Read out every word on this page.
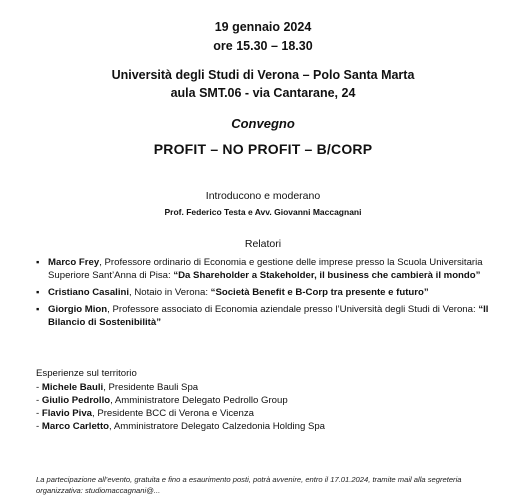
19 gennaio 2024
ore 15.30 – 18.30
Università degli Studi di Verona – Polo Santa Marta
aula SMT.06 - via Cantarane, 24
Convegno
PROFIT – NO PROFIT – B/CORP
Introducono e moderano
Prof. Federico Testa e Avv. Giovanni Maccagnani
Relatori
▪ Marco Frey, Professore ordinario di Economia e gestione delle imprese presso la Scuola Universitaria Superiore Sant’Anna di Pisa: “Da Shareholder a Stakeholder, il business che cambierà il mondo”
▪ Cristiano Casalini, Notaio in Verona: “Società Benefit e B-Corp tra presente e futuro”
▪ Giorgio Mion, Professore associato di Economia aziendale presso l’Università degli Studi di Verona: “Il Bilancio di Sostenibilità”
Esperienze sul territorio
- Michele Bauli, Presidente Bauli Spa
- Giulio Pedrollo, Amministratore Delegato Pedrollo Group
- Flavio Piva, Presidente BCC di Verona e Vicenza
- Marco Carletto, Amministratore Delegato Calzedonia Holding Spa
La partecipazione all’evento, gratuita e fino a esaurimento posti, potrà avvenire, entro il 17.01.2024, tramite mail alla segreteria
organizzativa: studiomaccagnani@...
